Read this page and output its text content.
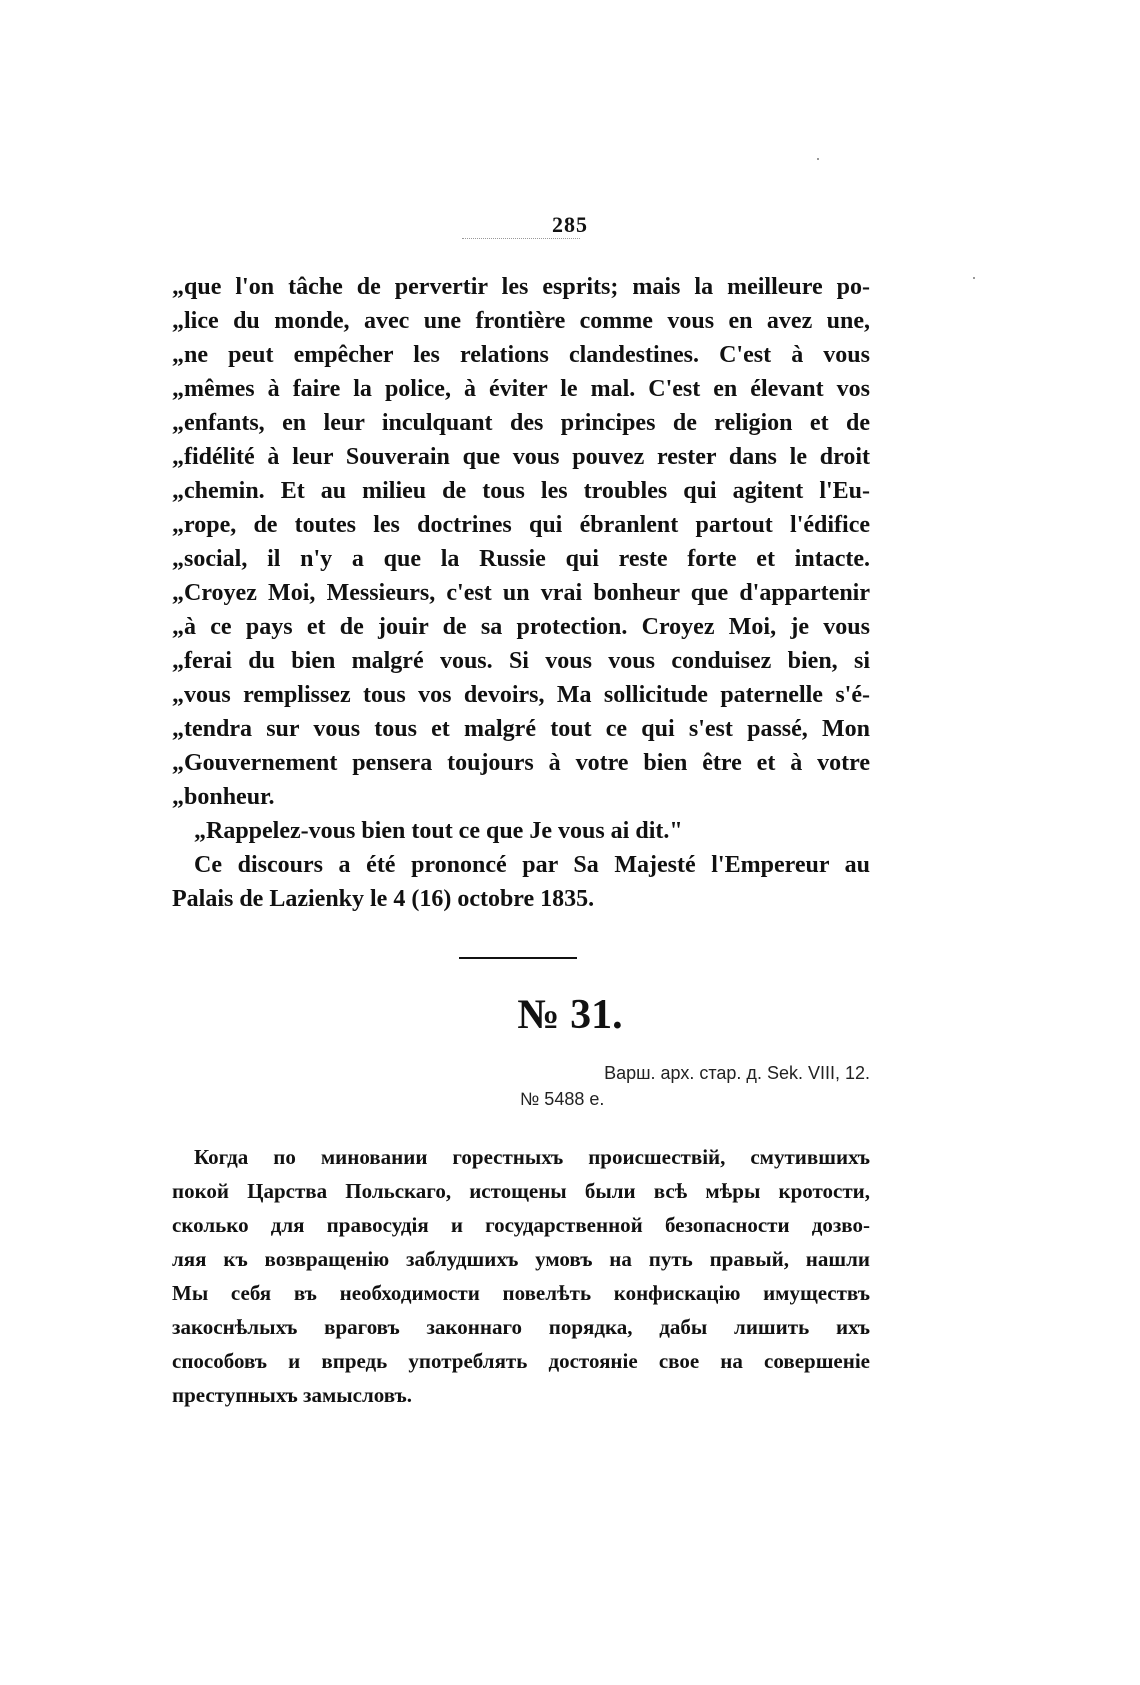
285
„que l'on tâche de pervertir les esprits; mais la meilleure po-
„lice du monde, avec une frontière comme vous en avez une,
„ne peut empêcher les relations clandestines. C'est à vous
„mêmes à faire la police, à éviter le mal. C'est en élevant vos
„enfants, en leur inculquant des principes de religion et de
„fidélité à leur Souverain que vous pouvez rester dans le droit
„chemin. Et au milieu de tous les troubles qui agitent l'Eu-
„rope, de toutes les doctrines qui ébranlent partout l'édifice
„social, il n'y a que la Russie qui reste forte et intacte.
„Croyez Moi, Messieurs, c'est un vrai bonheur que d'appartenir
„à ce pays et de jouir de sa protection. Croyez Moi, je vous
„ferai du bien malgré vous. Si vous vous conduisez bien, si
„vous remplissez tous vos devoirs, Ma sollicitude paternelle s'é-
„tendra sur vous tous et malgré tout ce qui s'est passé, Mon
„Gouvernement pensera toujours à votre bien être et à votre
„bonheur.
„Rappelez-vous bien tout ce que Je vous ai dit."
Ce discours a été prononcé par Sa Majesté l'Empereur au
Palais de Lazienky le 4 (16) octobre 1835.
№ 31.
Варш. арх. стар. д. Sek. VIII, 12.
№ 5488 е.
Когда по миновании горестныхъ происшествій, смутившихъ
покой Царства Польскаго, истощены были всѣ мѣры кротости,
сколько для правосудія и государственной безопасности дозво-
ляя къ возвращенію заблудшихъ умовъ на путь правый, нашли
Мы себя въ необходимости повелѣть конфискацію имуществъ
закоснѣлыхъ враговъ законнаго порядка, дабы лишить ихъ
способовъ и впредь употреблять достояніе свое на совершеніе
преступныхъ замысловъ.
